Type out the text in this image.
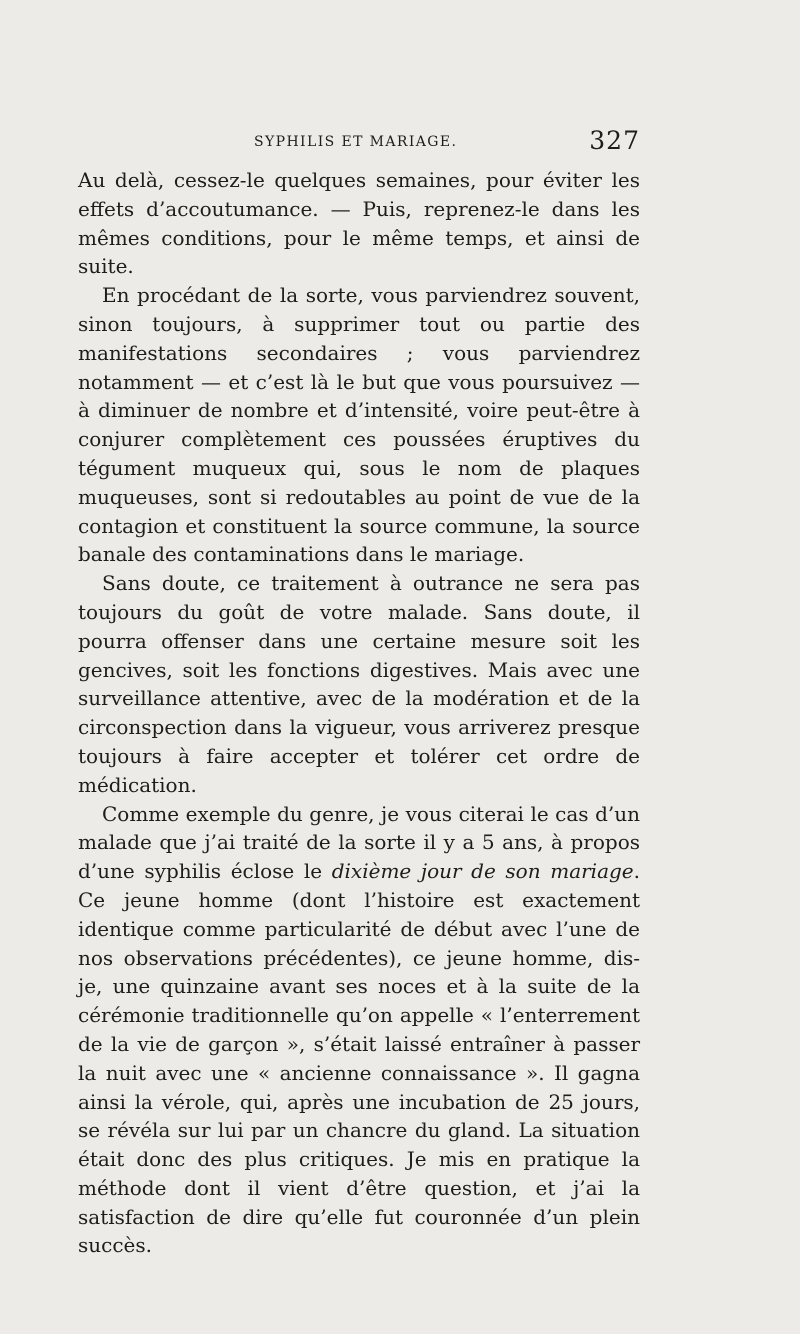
SYPHILIS ET MARIAGE.	327

Au delà, cessez-le quelques semaines, pour éviter les effets d’accoutumance. — Puis, reprenez-le dans les mêmes conditions, pour le même temps, et ainsi de suite.

En procédant de la sorte, vous parviendrez souvent, sinon toujours, à supprimer tout ou partie des manifestations secondaires ; vous parviendrez notamment — et c’est là le but que vous poursuivez — à diminuer de nombre et d’intensité, voire peut-être à conjurer complètement ces poussées éruptives du tégument muqueux qui, sous le nom de plaques muqueuses, sont si redoutables au point de vue de la contagion et constituent la source commune, la source banale des contaminations dans le mariage.

Sans doute, ce traitement à outrance ne sera pas toujours du goût de votre malade. Sans doute, il pourra offenser dans une certaine mesure soit les gencives, soit les fonctions digestives. Mais avec une surveillance attentive, avec de la modération et de la circonspection dans la vigueur, vous arriverez presque toujours à faire accepter et tolérer cet ordre de médication.

Comme exemple du genre, je vous citerai le cas d’un malade que j’ai traité de la sorte il y a 5 ans, à propos d’une syphilis éclose le dixième jour de son mariage. Ce jeune homme (dont l’histoire est exactement identique comme particularité de début avec l’une de nos observations précédentes), ce jeune homme, dis-je, une quinzaine avant ses noces et à la suite de la cérémonie traditionnelle qu’on appelle « l’enterrement de la vie de garçon », s’était laissé entraîner à passer la nuit avec une « ancienne connaissance ». Il gagna ainsi la vérole, qui, après une incubation de 25 jours, se révéla sur lui par un chancre du gland. La situation était donc des plus critiques. Je mis en pratique la méthode dont il vient d’être question, et j’ai la satisfaction de dire qu’elle fut couronnée d’un plein succès.
